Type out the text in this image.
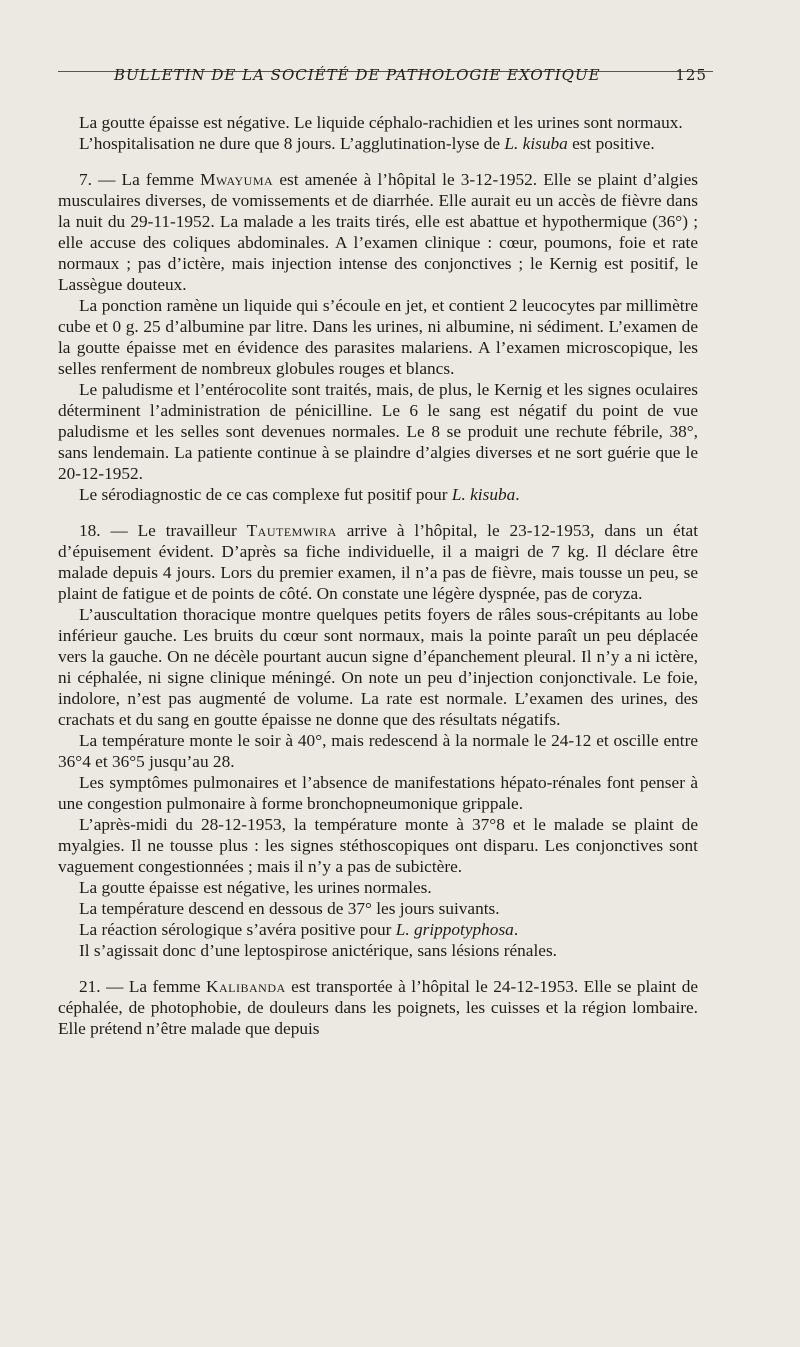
BULLETIN DE LA SOCIÉTÉ DE PATHOLOGIE EXOTIQUE	125

La goutte épaisse est négative. Le liquide céphalo-rachidien et les urines sont normaux.

L’hospitalisation ne dure que 8 jours. L’agglutination-lyse de L. kisuba est positive.

7. — La femme Mwayuma est amenée à l’hôpital le 3-12-1952. Elle se plaint d’algies musculaires diverses, de vomissements et de diarrhée. Elle aurait eu un accès de fièvre dans la nuit du 29-11-1952. La malade a les traits tirés, elle est abattue et hypothermique (36°) ; elle accuse des coliques abdominales. A l’examen clinique : cœur, poumons, foie et rate normaux ; pas d’ictère, mais injection intense des conjonctives ; le Kernig est positif, le Lassègue douteux.

La ponction ramène un liquide qui s’écoule en jet, et contient 2 leucocytes par millimètre cube et 0 g. 25 d’albumine par litre. Dans les urines, ni albumine, ni sédiment. L’examen de la goutte épaisse met en évidence des parasites malariens. A l’examen microscopique, les selles renferment de nombreux globules rouges et blancs.

Le paludisme et l’entérocolite sont traités, mais, de plus, le Kernig et les signes oculaires déterminent l’administration de pénicilline. Le 6 le sang est négatif du point de vue paludisme et les selles sont devenues normales. Le 8 se produit une rechute fébrile, 38°, sans lendemain. La patiente continue à se plaindre d’algies diverses et ne sort guérie que le 20-12-1952.

Le sérodiagnostic de ce cas complexe fut positif pour L. kisuba.

18. — Le travailleur Tautemwira arrive à l’hôpital, le 23-12-1953, dans un état d’épuisement évident. D’après sa fiche individuelle, il a maigri de 7 kg. Il déclare être malade depuis 4 jours. Lors du premier examen, il n’a pas de fièvre, mais tousse un peu, se plaint de fatigue et de points de côté. On constate une légère dyspnée, pas de coryza.

L’auscultation thoracique montre quelques petits foyers de râles sous-crépitants au lobe inférieur gauche. Les bruits du cœur sont normaux, mais la pointe paraît un peu déplacée vers la gauche. On ne décèle pourtant aucun signe d’épanchement pleural. Il n’y a ni ictère, ni céphalée, ni signe clinique méningé. On note un peu d’injection conjonctivale. Le foie, indolore, n’est pas augmenté de volume. La rate est normale. L’examen des urines, des crachats et du sang en goutte épaisse ne donne que des résultats négatifs.

La température monte le soir à 40°, mais redescend à la normale le 24-12 et oscille entre 36°4 et 36°5 jusqu’au 28.

Les symptômes pulmonaires et l’absence de manifestations hépato-rénales font penser à une congestion pulmonaire à forme bronchopneumonique grippale.

L’après-midi du 28-12-1953, la température monte à 37°8 et le malade se plaint de myalgies. Il ne tousse plus : les signes stéthoscopiques ont disparu. Les conjonctives sont vaguement congestionnées ; mais il n’y a pas de subictère.

La goutte épaisse est négative, les urines normales.

La température descend en dessous de 37° les jours suivants.

La réaction sérologique s’avéra positive pour L. grippotyphosa.

Il s’agissait donc d’une leptospirose anictérique, sans lésions rénales.

21. — La femme Kalibanda est transportée à l’hôpital le 24-12-1953. Elle se plaint de céphalée, de photophobie, de douleurs dans les poignets, les cuisses et la région lombaire. Elle prétend n’être malade que depuis
